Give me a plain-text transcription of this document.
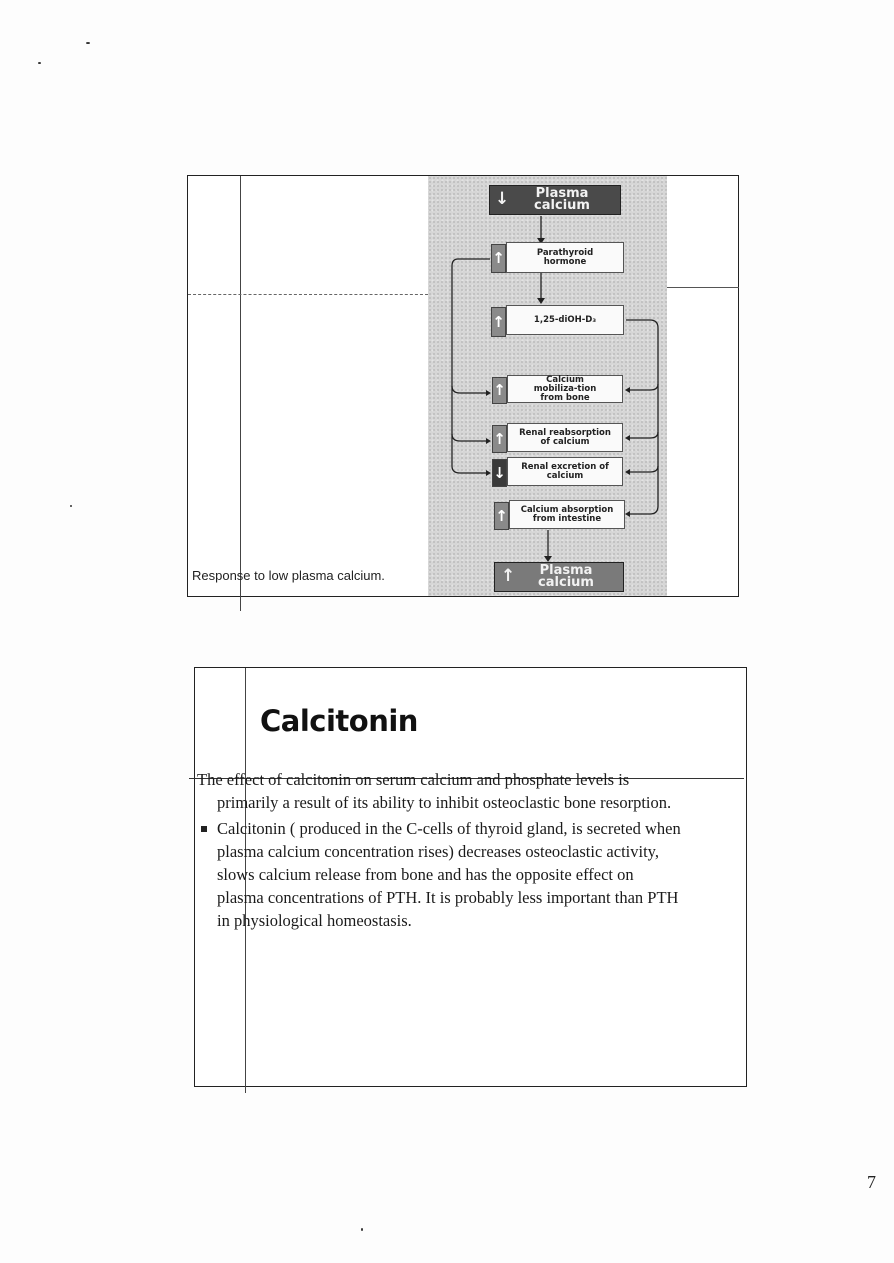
↓	Plasma calcium
↑	Parathyroid hormone
↑	1,25-diOH-D₃
↑
Calcium mobiliza-tion from bone
↑	Renal reabsorption of calcium
↓ Renal excretion of calcium
↑	Calcium absorption from intestine
↑	Plasma calcium
Response to low plasma calcium.
Calcitonin
The effect of calcitonin on serum calcium and phosphate levels is
primarily a result of its ability to inhibit osteoclastic bone resorption.
Calcitonin ( produced in the C-cells of thyroid gland, is secreted when
plasma calcium concentration rises) decreases osteoclastic activity,
slows calcium release from bone and has the opposite effect on
plasma concentrations of PTH. It is probably less important than PTH
in physiological homeostasis.
7
